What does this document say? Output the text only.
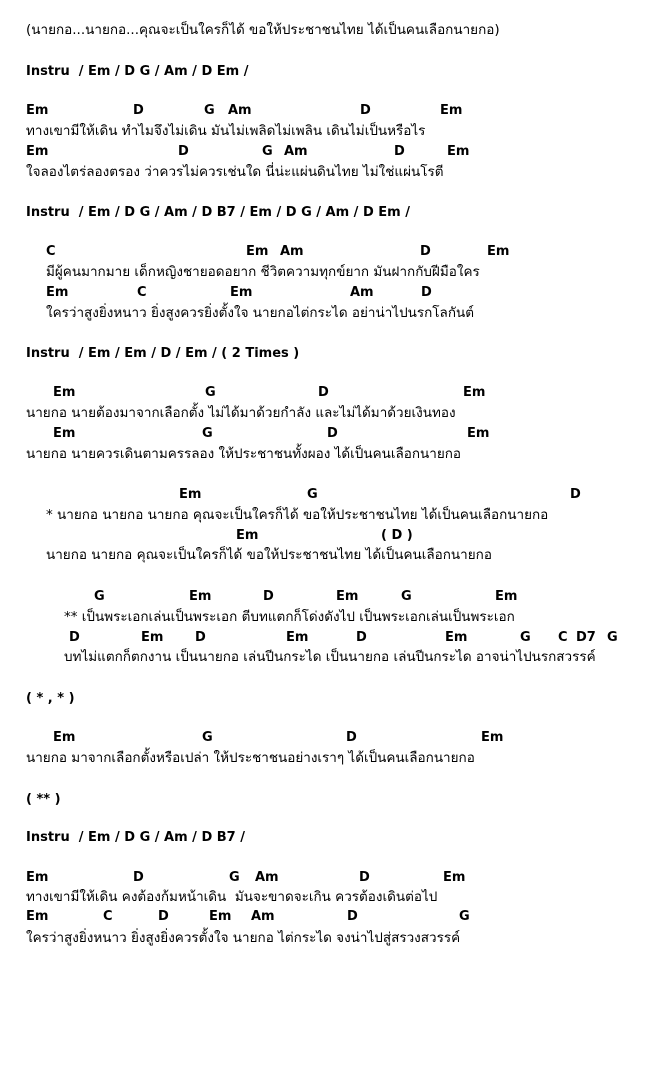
(นายกอ...นายกอ...คุณจะเป็นใครก็ได้ ขอให้ประชาชนไทย ได้เป็นคนเลือกนายกอ)

Instru  / Em / D G / Am / D Em /

Em

	D

	G

Am

	D

	Em

ทางเขามีให้เดิน ทำไมจึงไม่เดิน มันไม่เพลิดไม่เพลิน เดินไม่เป็นหรือไร

Em

	D

	G

Am

	D

	Em

ใจลองไตร่ลองตรอง ว่าควรไม่ควรเช่นใด นี่น่ะแผ่นดินไทย ไม่ใช่แผ่นโรตี

Instru  / Em / D G / Am / D B7 / Em / D G / Am / D Em /

C

	Em

Am

	D

	Em

มีผู้คนมากมาย เด็กหญิงชายอดอยาก ชีวิตความทุกข์ยาก มันฝากกับฝีมือใคร

Em

	C

	Em

	Am

	D

ใครว่าสูงยิ่งหนาว ยิ่งสูงควรยิ่งตั้งใจ นายกอไต่กระได อย่าน่าไปนรกโลกันต์

Instru  / Em / Em / D / Em / ( 2 Times )

Em

	G

	D

	Em

นายกอ นายต้องมาจากเลือกตั้ง ไม่ได้มาด้วยกำลัง และไม่ได้มาด้วยเงินทอง

Em

	G

	D

	Em

นายกอ นายควรเดินตามครรลอง ให้ประชาชนทั้งผอง ได้เป็นคนเลือกนายกอ

Em

	G

	D

* นายกอ นายกอ นายกอ คุณจะเป็นใครก็ได้ ขอให้ประชาชนไทย ได้เป็นคนเลือกนายกอ

Em

	( D )

นายกอ นายกอ คุณจะเป็นใครก็ได้ ขอให้ประชาชนไทย ได้เป็นคนเลือกนายกอ

G

	Em

	D

	Em

	G

	Em

** เป็นพระเอกเล่นเป็นพระเอก ตีบทแตกก็โด่งดังไป เป็นพระเอกเล่นเป็นพระเอก

D

	Em

D

	Em

	D

	Em

	G

C

D7

G

บทไม่แตกก็ตกงาน เป็นนายกอ เล่นปีนกระได เป็นนายกอ เล่นปีนกระได อาจน่าไปนรกสวรรค์

( * , * )

Em

	G

	D

	Em

นายกอ มาจากเลือกตั้งหรือเปล่า ให้ประชาชนอย่างเราๆ ได้เป็นคนเลือกนายกอ

( ** )

Instru  / Em / D G / Am / D B7 /

Em

	D

	G

Am

	D

	Em

ทางเขามีให้เดิน คงต้องก้มหน้าเดิน  มันจะขาดจะเกิน ควรต้องเดินต่อไป

Em

	C

	D

	Em

Am

	D

	G

ใครว่าสูงยิ่งหนาว ยิ่งสูงยิ่งควรตั้งใจ นายกอ ไต่กระได จงน่าไปสู่สรวงสวรรค์
